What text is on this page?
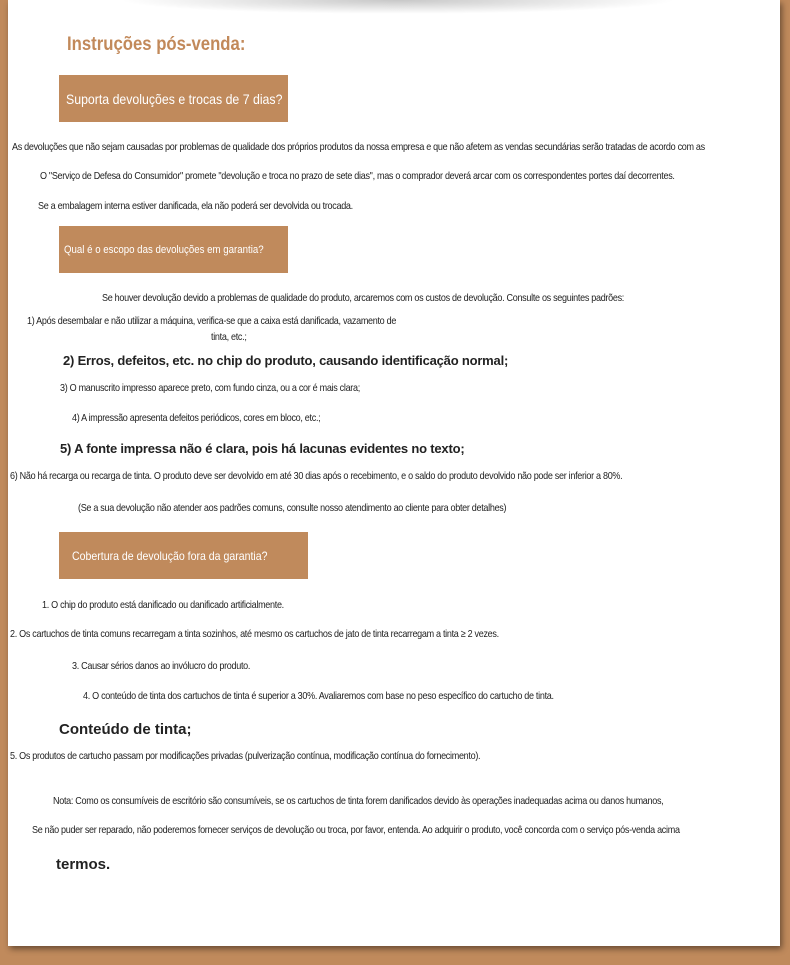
Instruções pós-venda:
Suporta devoluções e trocas de 7 dias?
As devoluções que não sejam causadas por problemas de qualidade dos próprios produtos da nossa empresa e que não afetem as vendas secundárias serão tratadas de acordo com as
O "Serviço de Defesa do Consumidor" promete "devolução e troca no prazo de sete dias", mas o comprador deverá arcar com os correspondentes portes daí decorrentes.
Se a embalagem interna estiver danificada, ela não poderá ser devolvida ou trocada.
Qual é o escopo das devoluções em garantia?
Se houver devolução devido a problemas de qualidade do produto, arcaremos com os custos de devolução. Consulte os seguintes padrões:
1) Após desembalar e não utilizar a máquina, verifica-se que a caixa está danificada, vazamento de
tinta, etc.;
2) Erros, defeitos, etc. no chip do produto, causando identificação normal;
3) O manuscrito impresso aparece preto, com fundo cinza, ou a cor é mais clara;
4) A impressão apresenta defeitos periódicos, cores em bloco, etc.;
5) A fonte impressa não é clara, pois há lacunas evidentes no texto;
6) Não há recarga ou recarga de tinta. O produto deve ser devolvido em até 30 dias após o recebimento, e o saldo do produto devolvido não pode ser inferior a 80%.
(Se a sua devolução não atender aos padrões comuns, consulte nosso atendimento ao cliente para obter detalhes)
Cobertura de devolução fora da garantia?
1. O chip do produto está danificado ou danificado artificialmente.
2. Os cartuchos de tinta comuns recarregam a tinta sozinhos, até mesmo os cartuchos de jato de tinta recarregam a tinta ≥ 2 vezes.
3. Causar sérios danos ao invólucro do produto.
4. O conteúdo de tinta dos cartuchos de tinta é superior a 30%. Avaliaremos com base no peso específico do cartucho de tinta.
Conteúdo de tinta;
5. Os produtos de cartucho passam por modificações privadas (pulverização contínua, modificação contínua do fornecimento).
Nota: Como os consumíveis de escritório são consumíveis, se os cartuchos de tinta forem danificados devido às operações inadequadas acima ou danos humanos,
Se não puder ser reparado, não poderemos fornecer serviços de devolução ou troca, por favor, entenda. Ao adquirir o produto, você concorda com o serviço pós-venda acima
termos.
